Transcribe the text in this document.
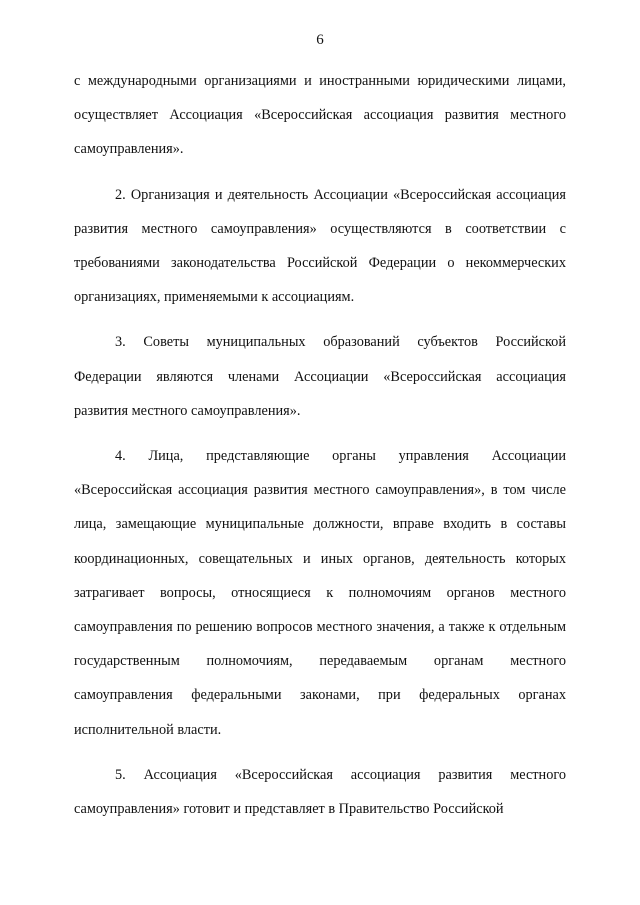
6

с международными организациями и иностранными юридическими лицами, осуществляет Ассоциация «Всероссийская ассоциация развития местного самоуправления».

2. Организация и деятельность Ассоциации «Всероссийская ассоциация развития местного самоуправления» осуществляются в соответствии с требованиями законодательства Российской Федерации о некоммерческих организациях, применяемыми к ассоциациям.

3. Советы муниципальных образований субъектов Российской Федерации являются членами Ассоциации «Всероссийская ассоциация развития местного самоуправления».

4. Лица, представляющие органы управления Ассоциации «Всероссийская ассоциация развития местного самоуправления», в том числе лица, замещающие муниципальные должности, вправе входить в составы координационных, совещательных и иных органов, деятельность которых затрагивает вопросы, относящиеся к полномочиям органов местного самоуправления по решению вопросов местного значения, а также к отдельным государственным полномочиям, передаваемым органам местного самоуправления федеральными законами, при федеральных органах исполнительной власти.

5. Ассоциация «Всероссийская ассоциация развития местного самоуправления» готовит и представляет в Правительство Российской
